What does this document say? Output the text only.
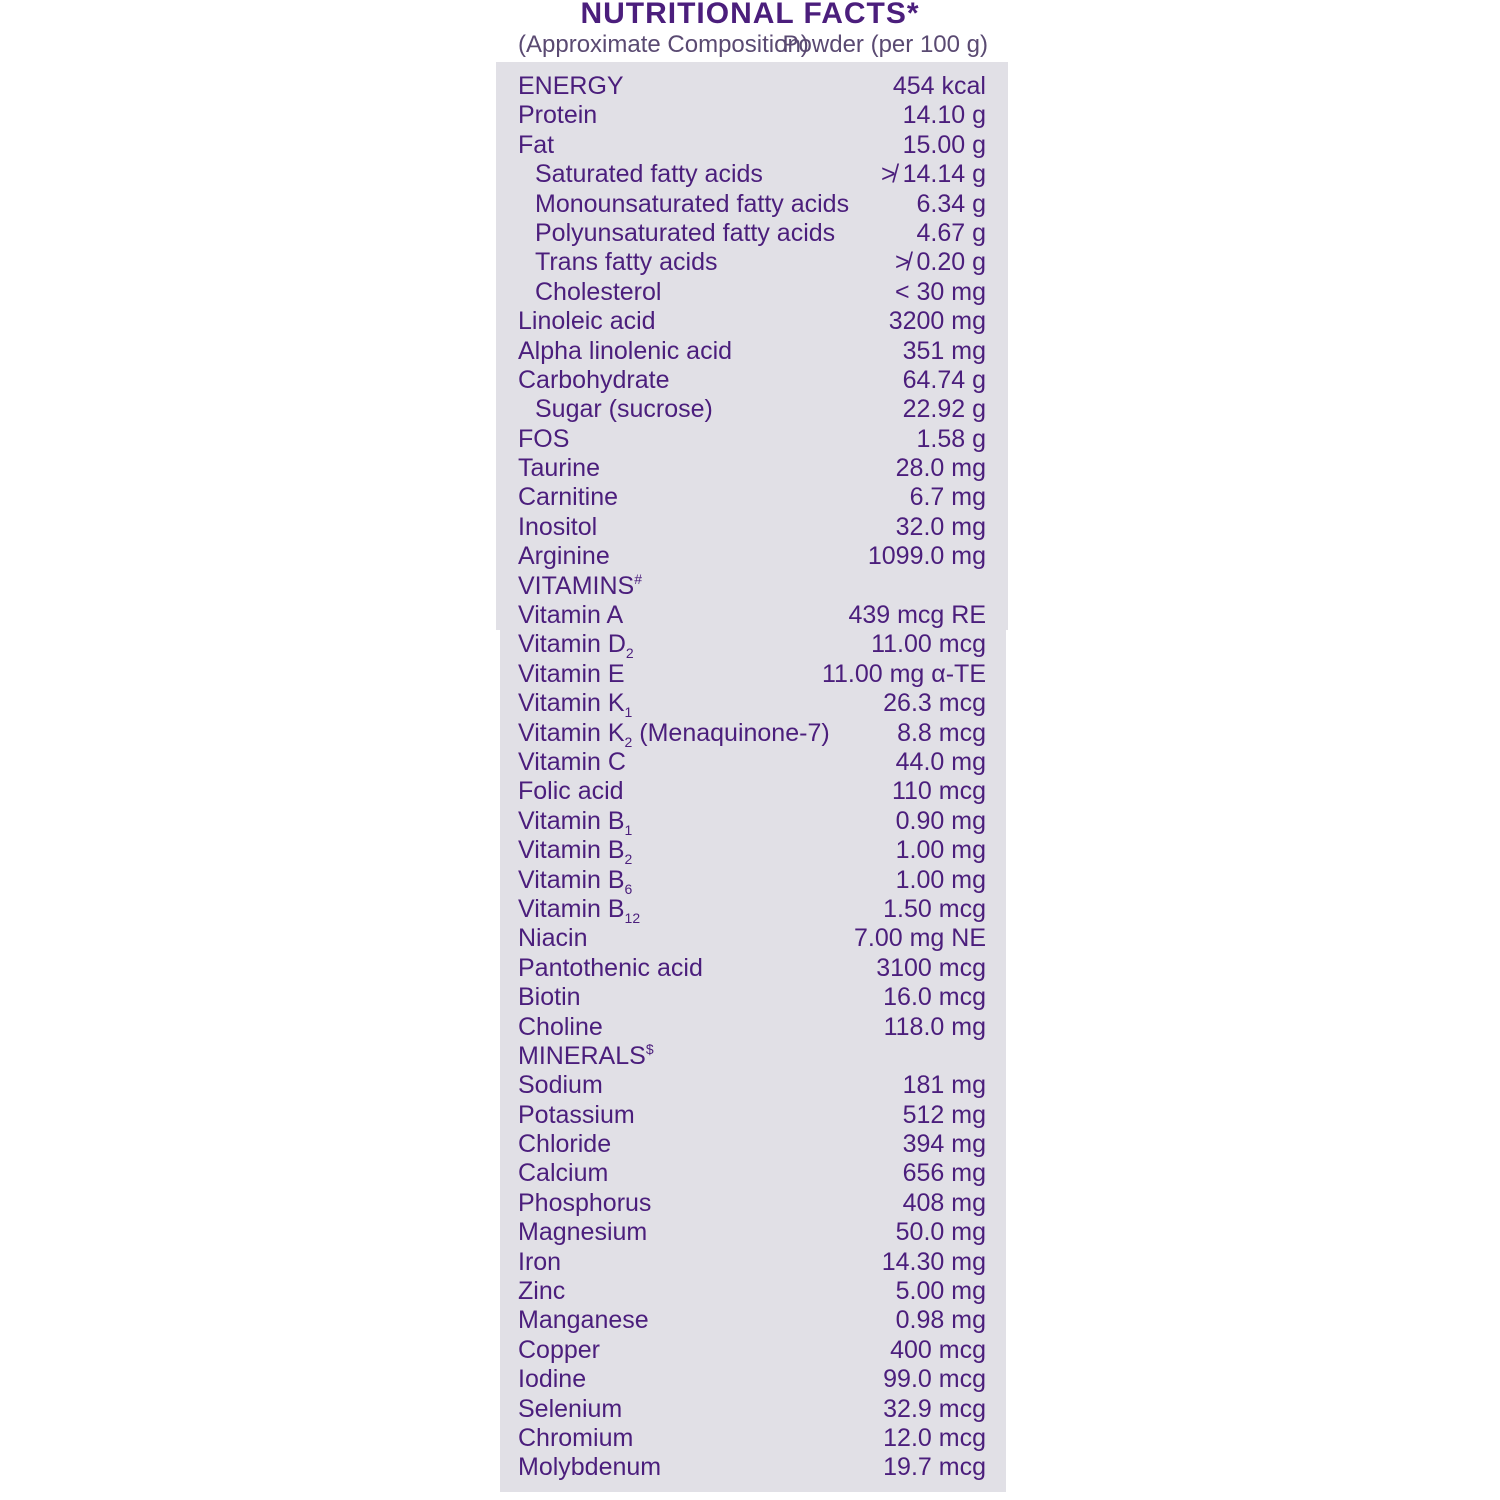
NUTRITIONAL FACTS*
(Approximate Composition)
Powder (per 100 g)
ENERGY	454 kcal
Protein	14.10 g
Fat	15.00 g
Saturated fatty acids	≯ 14.14 g
Monounsaturated fatty acids	6.34 g
Polyunsaturated fatty acids	4.67 g
Trans fatty acids	≯ 0.20 g
Cholesterol	< 30 mg
Linoleic acid	3200 mg
Alpha linolenic acid	351 mg
Carbohydrate	64.74 g
Sugar (sucrose)	22.92 g
FOS	1.58 g
Taurine	28.0 mg
Carnitine	6.7 mg
Inositol	32.0 mg
Arginine	1099.0 mg
VITAMINS#
Vitamin A	439 mcg RE
Vitamin $D_2$	11.00 mcg
Vitamin E	11.00 mg α-TE
Vitamin $K_1$	26.3 mcg
Vitamin $K_2$ (Menaquinone-7)	8.8 mcg
Vitamin C	44.0 mg
Folic acid	110 mcg
Vitamin $B_1$	0.90 mg
Vitamin $B_2$	1.00 mg
Vitamin $B_6$	1.00 mg
Vitamin $B_{12}$	1.50 mcg
Niacin	7.00 mg NE
Pantothenic acid	3100 mcg
Biotin	16.0 mcg
Choline	118.0 mg
MINERALS$
Sodium	181 mg
Potassium	512 mg
Chloride	394 mg
Calcium	656 mg
Phosphorus	408 mg
Magnesium	50.0 mg
Iron	14.30 mg
Zinc	5.00 mg
Manganese	0.98 mg
Copper	400 mcg
Iodine	99.0 mcg
Selenium	32.9 mcg
Chromium	12.0 mcg
Molybdenum	19.7 mcg
